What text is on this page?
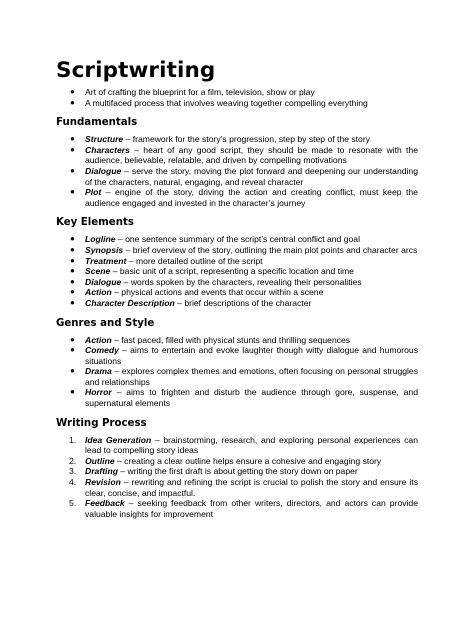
Scriptwriting
● Art of crafting the blueprint for a film, television, show or play
● A multifaced process that involves weaving together compelling everything
Fundamentals
● Structure – framework for the story’s progression, step by step of the story
● Characters – heart of any good script, they should be made to resonate with the audience, believable, relatable, and driven by compelling motivations
● Dialogue – serve the story, moving the plot forward and deepening our understanding of the characters, natural, engaging, and reveal character
● Plot – engine of the story, driving the action and creating conflict, must keep the audience engaged and invested in the character’s journey
Key Elements
● Logline – one sentence summary of the script’s central conflict and goal
● Synopsis – brief overview of the story, outlining the main plot points and character arcs
● Treatment – more detailed outline of the script
● Scene – basic unit of a script, representing a specific location and time
● Dialogue – words spoken by the characters, revealing their personalities
● Action – physical actions and events that occur within a scene
● Character Description – brief descriptions of the character
Genres and Style
● Action – fast paced, filled with physical stunts and thrilling sequences
● Comedy – aims to entertain and evoke laughter though witty dialogue and humorous situations
● Drama – explores complex themes and emotions, often focusing on personal struggles and relationships
● Horror – aims to frighten and disturb the audience through gore, suspense, and supernatural elements
Writing Process
1. Idea Generation – brainstorming, research, and exploring personal experiences can lead to compelling story ideas
2. Outline – creating a clear outline helps ensure a cohesive and engaging story
3. Drafting – writing the first draft is about getting the story down on paper
4. Revision – rewriting and refining the script is crucial to polish the story and ensure its clear, concise, and impactful.
5. Feedback – seeking feedback from other writers, directors, and actors can provide valuable insights for improvement
